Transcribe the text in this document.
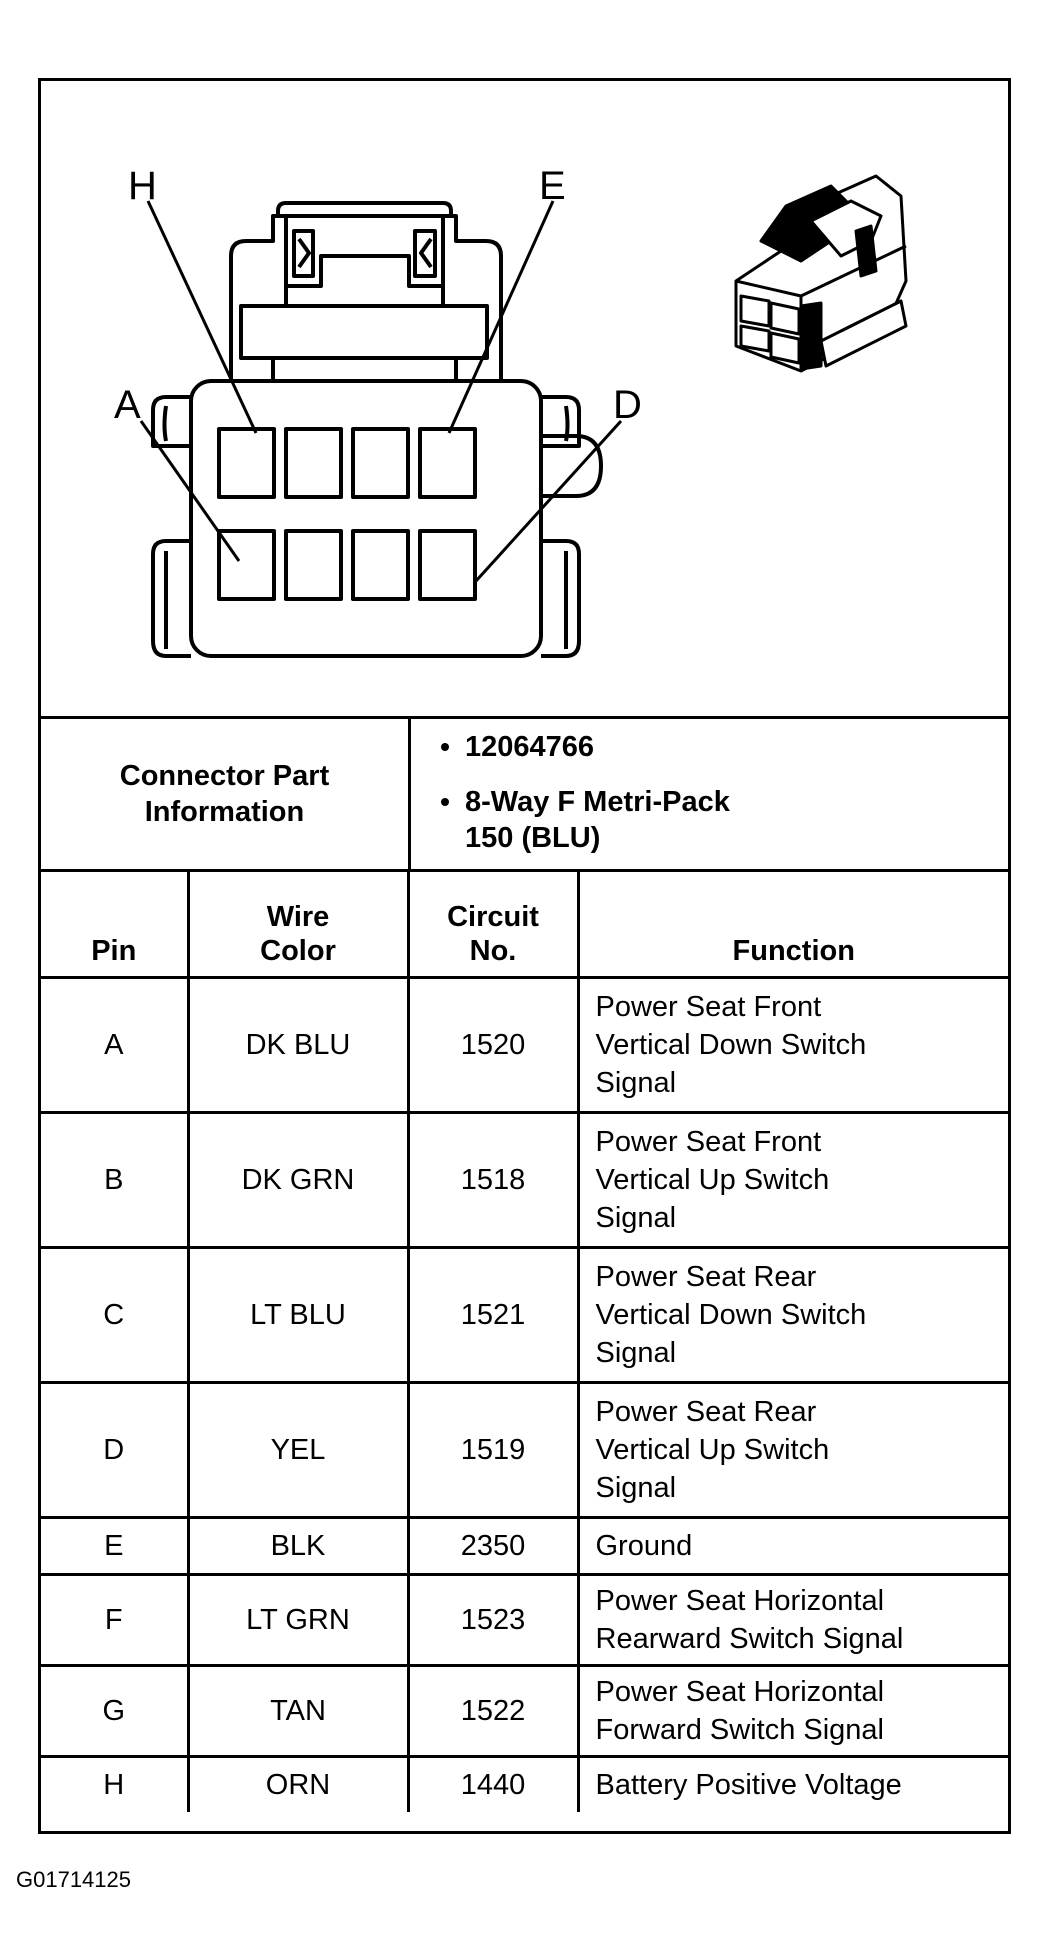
H	E
A	D
Connector Part Information
12064766
8-Way F Metri-Pack
150 (BLU)
Pin	Wire Color	Circuit No.	Function
A	DK BLU	1520	Power Seat Front
Vertical Down Switch
Signal

B	DK GRN	1518	Power Seat Front
Vertical Up Switch
Signal

C	LT BLU	1521	Power Seat Rear
Vertical Down Switch
Signal

D	YEL	1519	Power Seat Rear
Vertical Up Switch
Signal

E	BLK	2350	Ground

F	LT GRN	1523	Power Seat Horizontal
Rearward Switch Signal

G	TAN	1522	Power Seat Horizontal
Forward Switch Signal

H	ORN	1440	Battery Positive Voltage
G01714125
